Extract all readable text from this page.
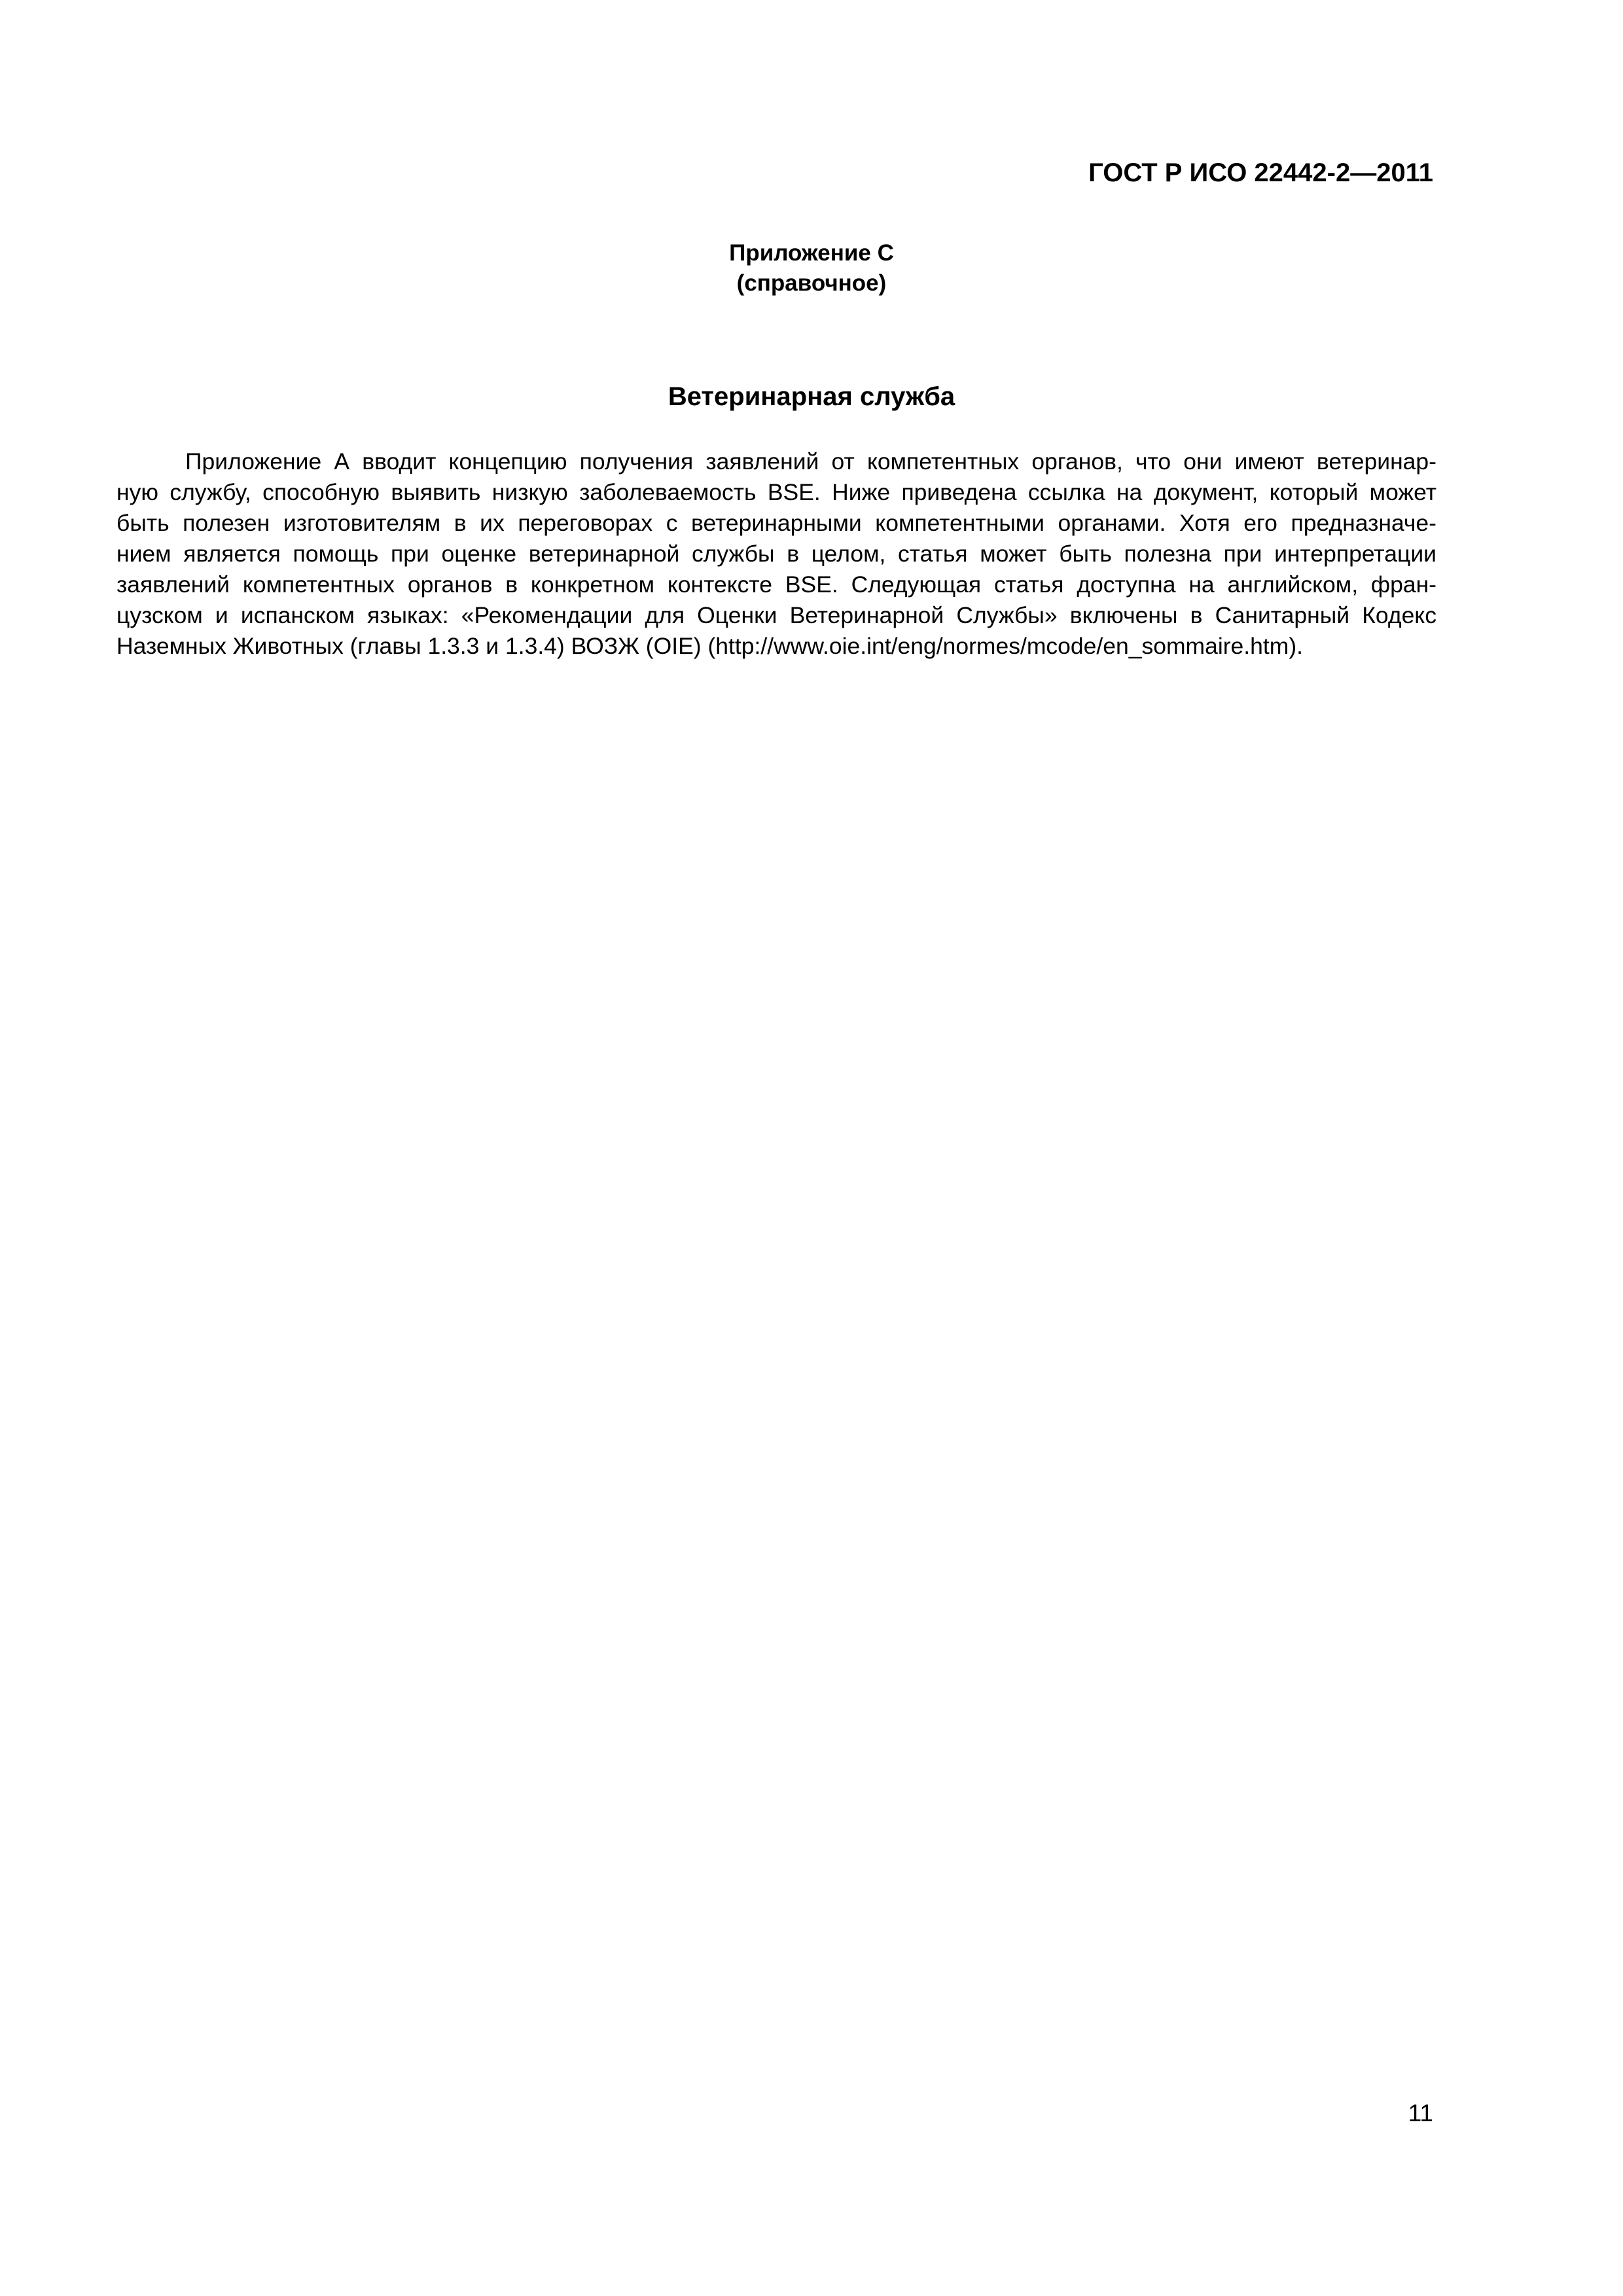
ГОСТ Р ИСО 22442-2—2011
Приложение С
(справочное)
Ветеринарная служба
Приложение А вводит концепцию получения заявлений от компетентных органов, что они имеют ветеринар-
ную службу, способную выявить низкую заболеваемость BSE. Ниже приведена ссылка на документ, который может
быть полезен изготовителям в их переговорах с ветеринарными компетентными органами. Хотя его предназначе-
нием является помощь при оценке ветеринарной службы в целом, статья может быть полезна при интерпретации
заявлений компетентных органов в конкретном контексте BSE. Следующая статья доступна на английском, фран-
цузском и испанском языках: «Рекомендации для Оценки Ветеринарной Службы» включены в Санитарный Кодекс
Наземных Животных (главы 1.3.3 и 1.3.4) ВОЗЖ (OIE) (http://www.oie.int/eng/normes/mcode/en_sommaire.htm).
11
